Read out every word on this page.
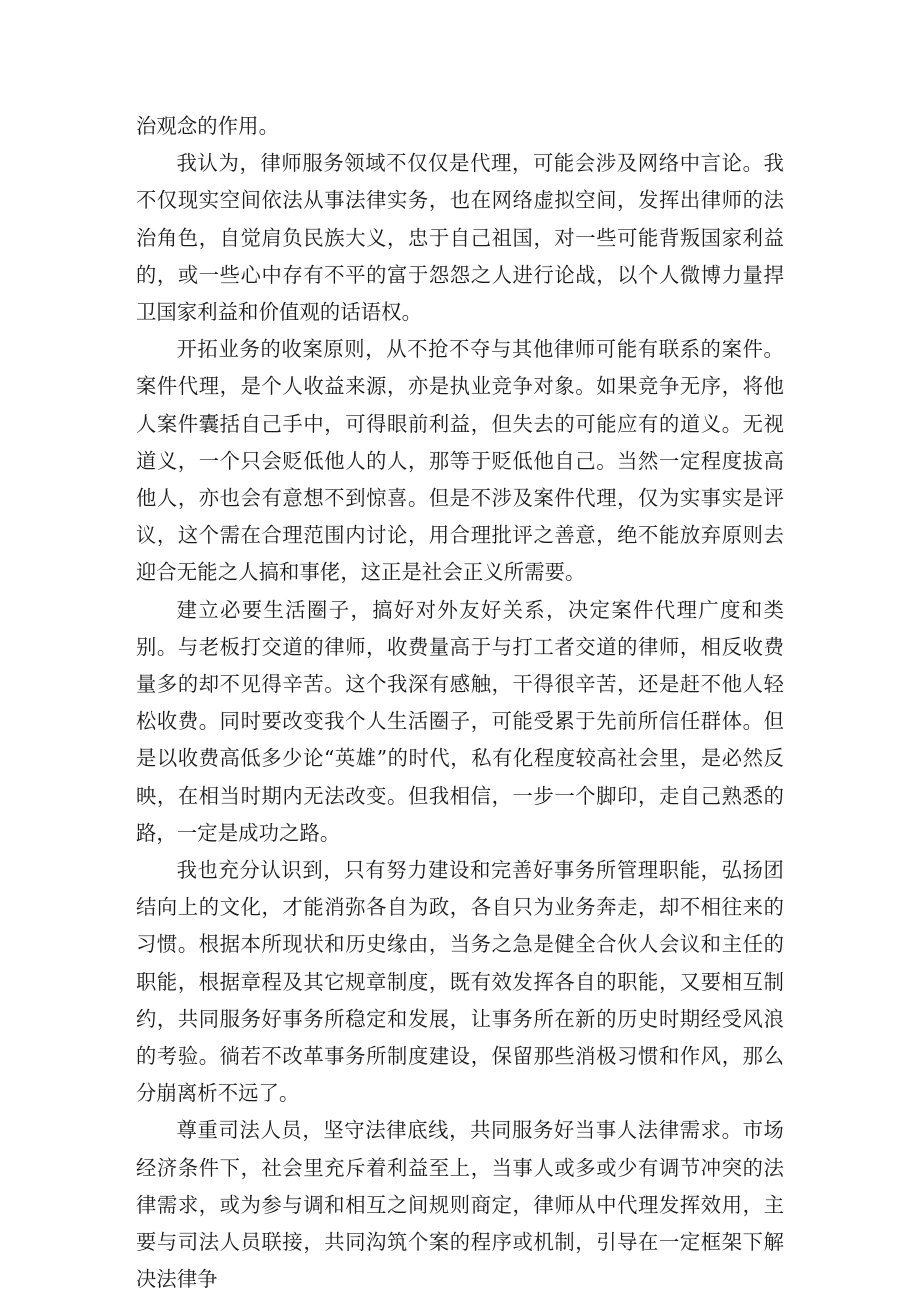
治观念的作用。

我认为，律师服务领域不仅仅是代理，可能会涉及网络中言论。我不仅现实空间依法从事法律实务，也在网络虚拟空间，发挥出律师的法治角色，自觉肩负民族大义，忠于自己祖国，对一些可能背叛国家利益的，或一些心中存有不平的富于怨怨之人进行论战，以个人微博力量捍卫国家利益和价值观的话语权。

开拓业务的收案原则，从不抢不夺与其他律师可能有联系的案件。案件代理，是个人收益来源，亦是执业竞争对象。如果竞争无序，将他人案件囊括自己手中，可得眼前利益，但失去的可能应有的道义。无视道义，一个只会贬低他人的人，那等于贬低他自己。当然一定程度拔高他人，亦也会有意想不到惊喜。但是不涉及案件代理，仅为实事实是评议，这个需在合理范围内讨论，用合理批评之善意，绝不能放弃原则去迎合无能之人搞和事佬，这正是社会正义所需要。

建立必要生活圈子，搞好对外友好关系，决定案件代理广度和类别。与老板打交道的律师，收费量高于与打工者交道的律师，相反收费量多的却不见得辛苦。这个我深有感触，干得很辛苦，还是赶不他人轻松收费。同时要改变我个人生活圈子，可能受累于先前所信任群体。但是以收费高低多少论“英雄”的时代，私有化程度较高社会里，是必然反映，在相当时期内无法改变。但我相信，一步一个脚印，走自己熟悉的路，一定是成功之路。

我也充分认识到，只有努力建设和完善好事务所管理职能，弘扬团结向上的文化，才能消弥各自为政，各自只为业务奔走，却不相往来的习惯。根据本所现状和历史缘由，当务之急是健全合伙人会议和主任的职能，根据章程及其它规章制度，既有效发挥各自的职能，又要相互制约，共同服务好事务所稳定和发展，让事务所在新的历史时期经受风浪的考验。徜若不改革事务所制度建设，保留那些消极习惯和作风，那么分崩离析不远了。

尊重司法人员，坚守法律底线，共同服务好当事人法律需求。市场经济条件下，社会里充斥着利益至上，当事人或多或少有调节冲突的法律需求，或为参与调和相互之间规则商定，律师从中代理发挥效用，主要与司法人员联接，共同沟筑个案的程序或机制，引导在一定框架下解决法律争
